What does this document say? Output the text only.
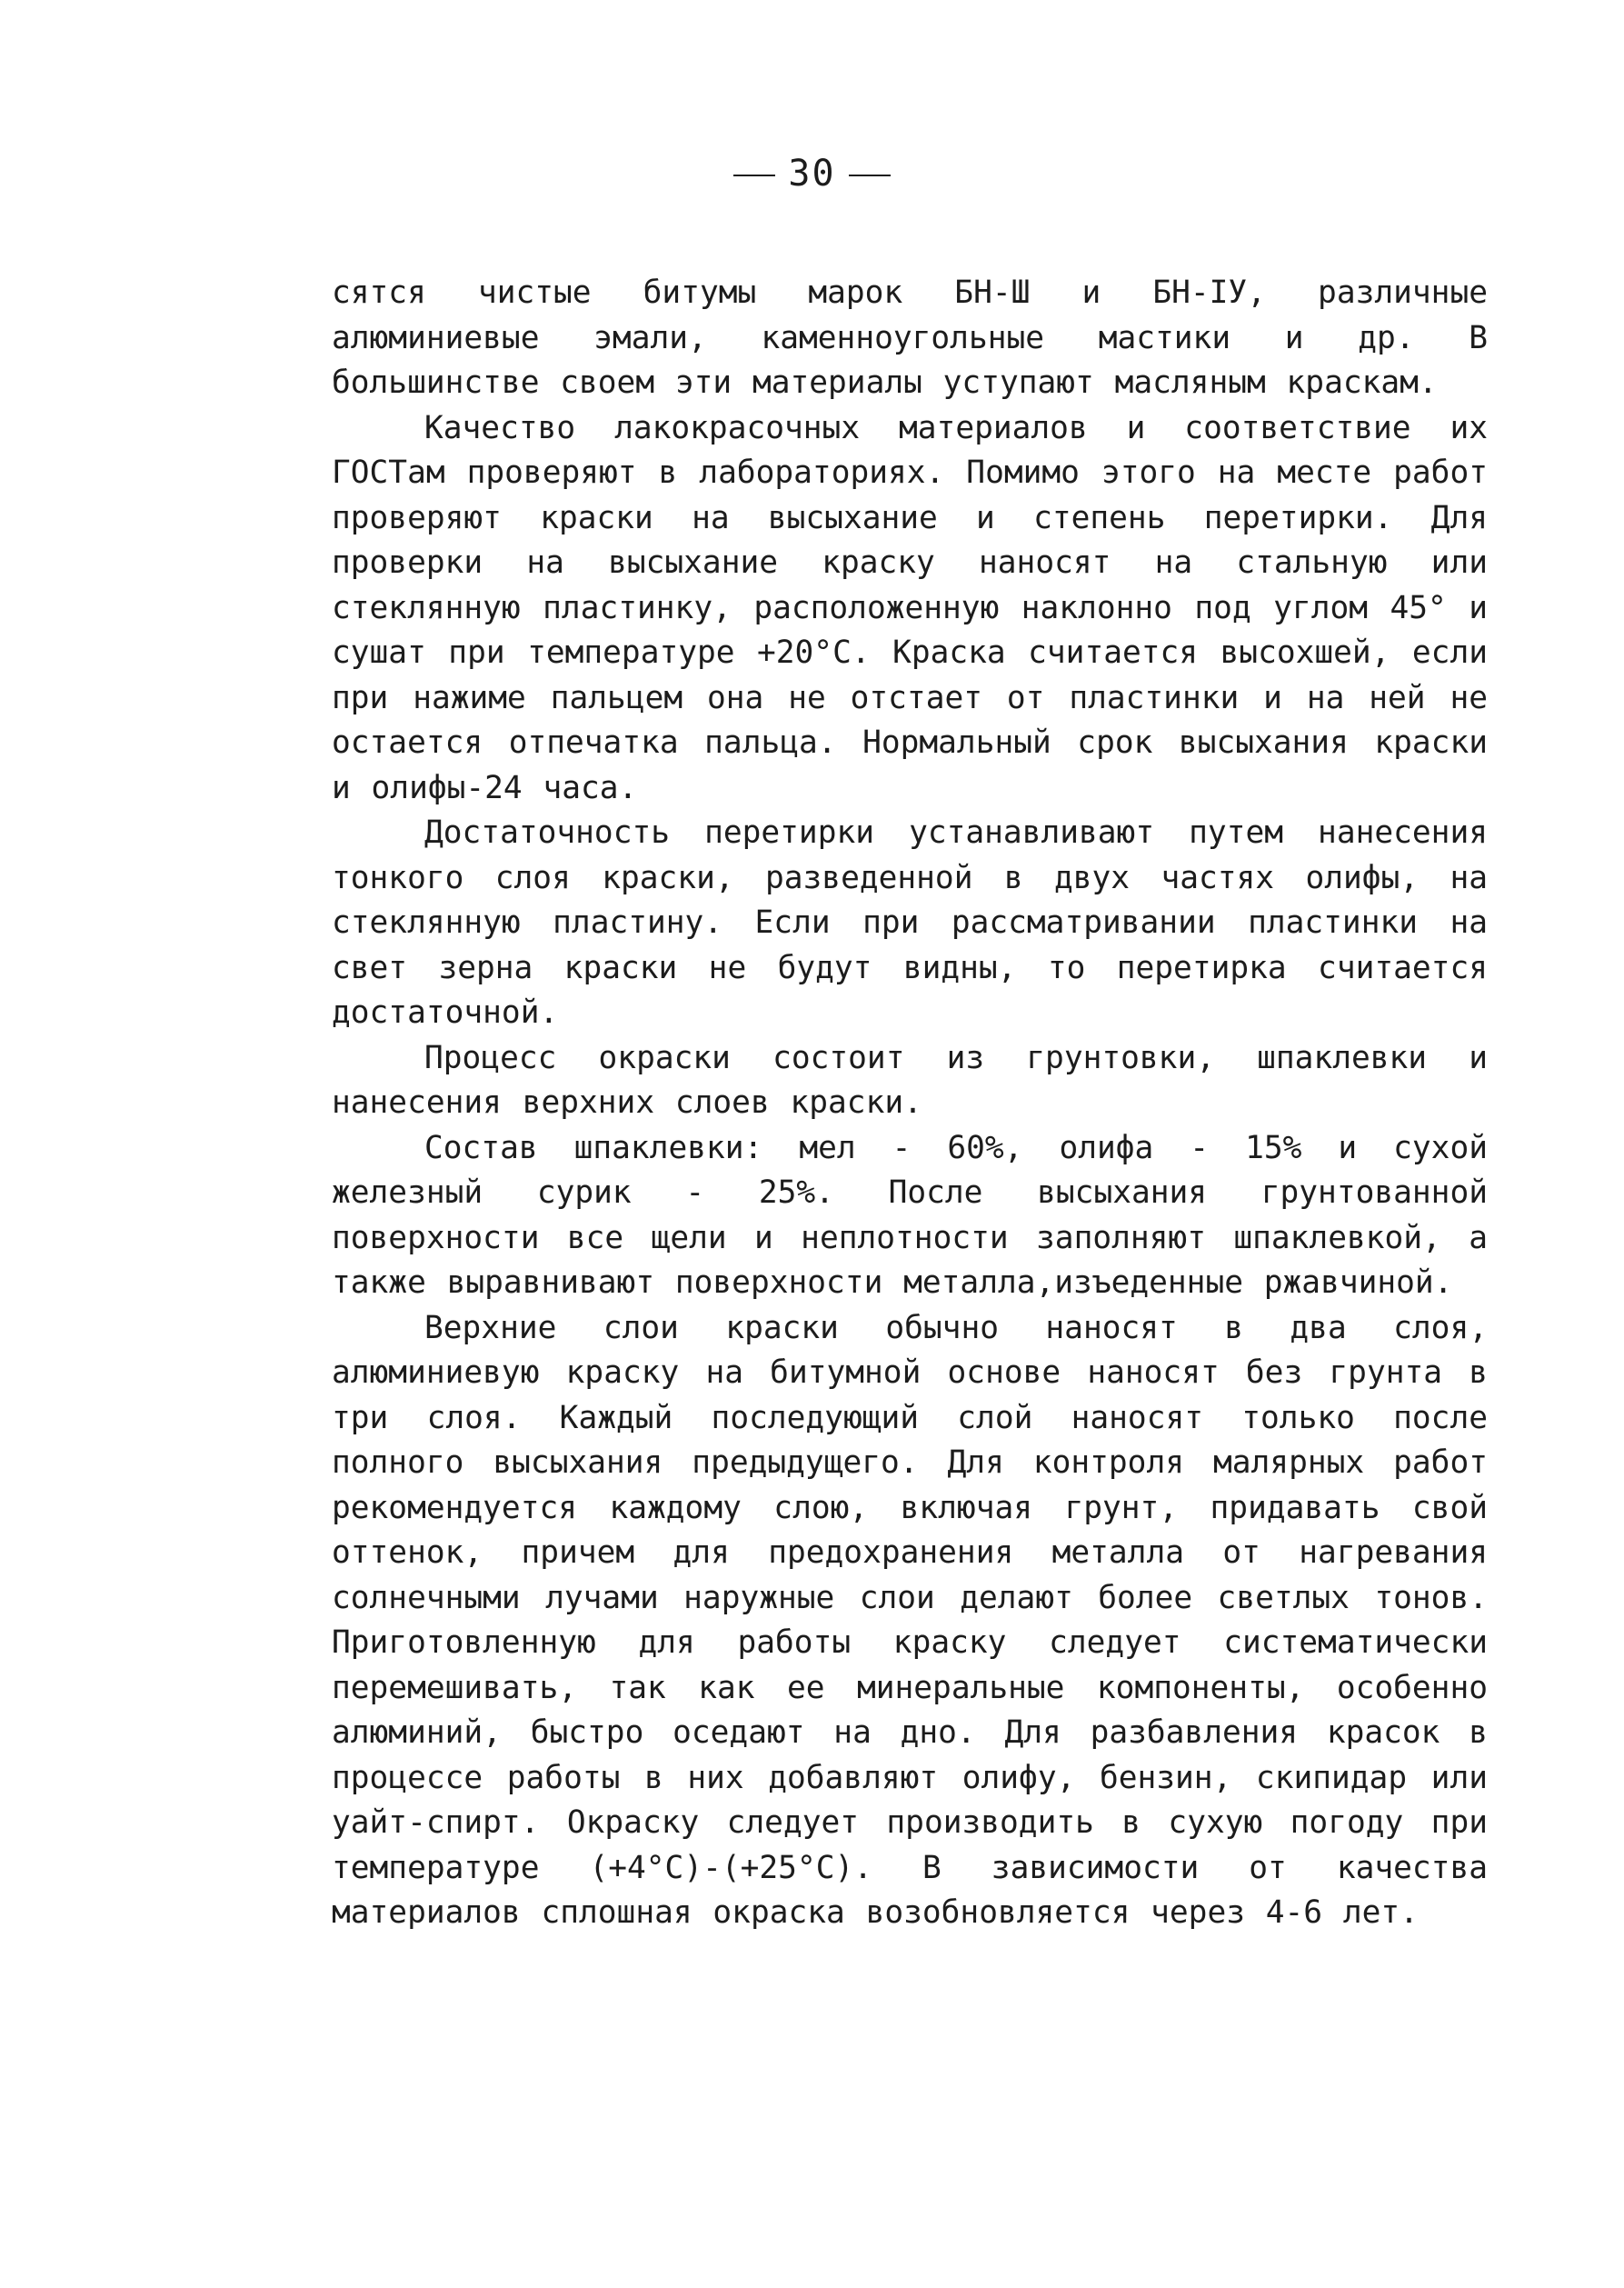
30

сятся чистые битумы марок БН-Ш и БН-IУ, различные алюминиевые эмали, каменноугольные мастики и др. В большинстве своем эти материалы уступают масляным краскам.

Качество лакокрасочных материалов и соответствие их ГОСТам проверяют в лабораториях. Помимо этого на месте работ проверяют краски на высыхание и степень перетирки. Для проверки на высыхание краску наносят на стальную или стеклянную пластинку, расположенную наклонно под углом 45° и сушат при температуре +20°С. Краска считается высохшей, если при нажиме пальцем она не отстает от пластинки и на ней не остается отпечатка пальца. Нормальный срок высыхания краски и олифы-24 часа.

Достаточность перетирки устанавливают путем нанесения тонкого слоя краски, разведенной в двух частях олифы, на стеклянную пластину. Если при рассматривании пластинки на свет зерна краски не будут видны, то перетирка считается достаточной.

Процесс окраски состоит из грунтовки, шпаклевки и нанесения верхних слоев краски.

Состав шпаклевки: мел - 60%, олифа - 15% и сухой железный сурик - 25%. После высыхания грунтованной поверхности все щели и неплотности заполняют шпаклевкой, а также выравнивают поверхности металла,изъеденные ржавчиной.

Верхние слои краски обычно наносят в два слоя, алюминиевую краску на битумной основе наносят без грунта в три слоя. Каждый последующий слой наносят только после полного высыхания предыдущего. Для контроля малярных работ рекомендуется каждому слою, включая грунт, придавать свой оттенок, причем для предохранения металла от нагревания солнечными лучами наружные слои делают более светлых тонов. Приготовленную для работы краску следует систематически перемешивать, так как ее минеральные компоненты, особенно алюминий, быстро оседают на дно. Для разбавления красок в процессе работы в них добавляют олифу, бензин, скипидар или уайт-спирт. Окраску следует производить в сухую погоду при температуре (+4°С)-(+25°С). В зависимости от качества материалов сплошная окраска возобновляется через 4-6 лет.
